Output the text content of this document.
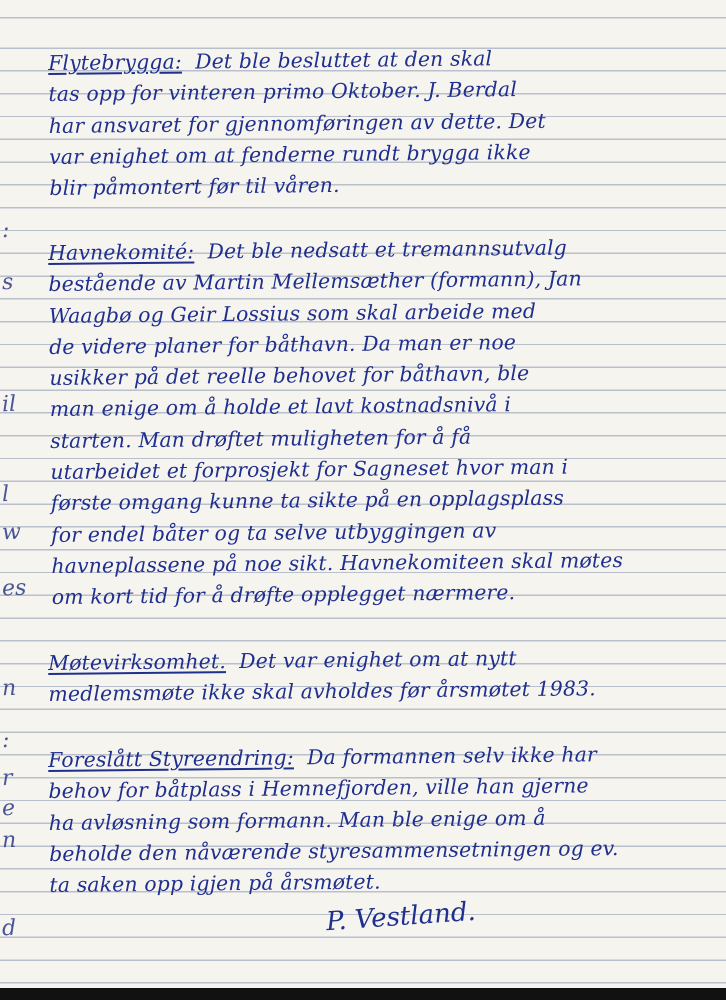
:
s
il
l
w
es
n
:
r
e
n
d
Flytebrygga: Det ble besluttet at den skal
tas opp for vinteren primo Oktober. J. Berdal
har ansvaret for gjennomføringen av dette. Det
var enighet om at fenderne rundt brygga ikke
blir påmontert før til våren.
Havnekomité: Det ble nedsatt et tremannsutvalg
bestående av Martin Mellemsæther (formann), Jan
Waagbø og Geir Lossius som skal arbeide med
de videre planer for båthavn. Da man er noe
usikker på det reelle behovet for båthavn, ble
man enige om å holde et lavt kostnadsnivå i
starten. Man drøftet muligheten for å få
utarbeidet et forprosjekt for Sagneset hvor man i
første omgang kunne ta sikte på en opplagsplass
for endel båter og ta selve utbyggingen av
havneplassene på noe sikt. Havnekomiteen skal møtes
om kort tid for å drøfte opplegget nærmere.
Møtevirksomhet. Det var enighet om at nytt
medlemsmøte ikke skal avholdes før årsmøtet 1983.
Foreslått Styreendring: Da formannen selv ikke har
behov for båtplass i Hemnefjorden, ville han gjerne
ha avløsning som formann. Man ble enige om å
beholde den nåværende styresammensetningen og ev.
ta saken opp igjen på årsmøtet.
P. Vestland.
